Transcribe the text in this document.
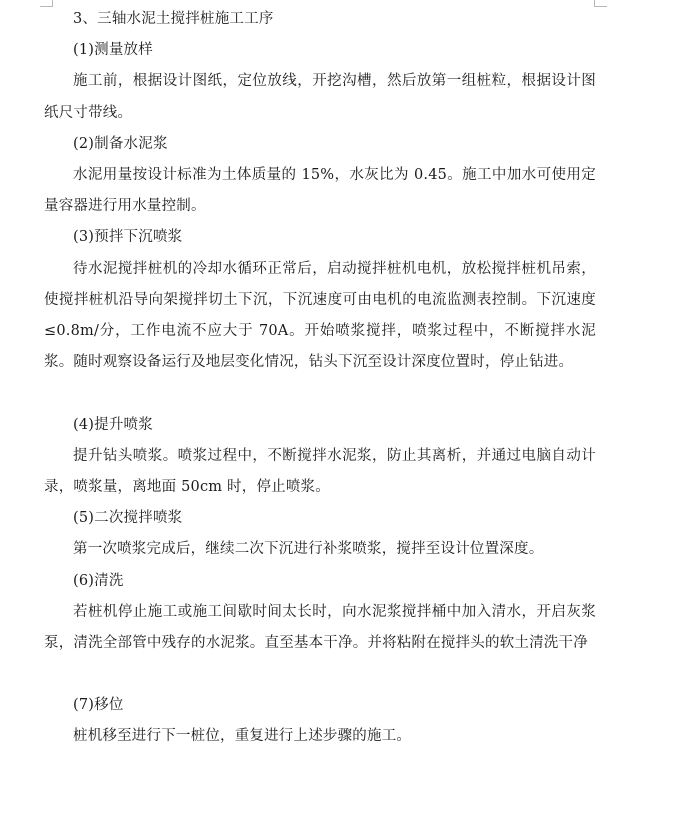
3、三轴水泥土搅拌桩施工工序
(1)测量放样
施工前，根据设计图纸，定位放线，开挖沟槽，然后放第一组桩粒，根据设计图纸尺寸带线。
(2)制备水泥浆
水泥用量按设计标准为土体质量的 15%，水灰比为 0.45。施工中加水可使用定量容器进行用水量控制。
(3)预拌下沉喷浆
待水泥搅拌桩机的冷却水循环正常后，启动搅拌桩机电机，放松搅拌桩机吊索，使搅拌桩机沿导向架搅拌切土下沉，下沉速度可由电机的电流监测表控制。下沉速度≤0.8m/分，工作电流不应大于 70A。开始喷浆搅拌，喷浆过程中，不断搅拌水泥浆。随时观察设备运行及地层变化情况，钻头下沉至设计深度位置时，停止钻进。
(4)提升喷浆
提升钻头喷浆。喷浆过程中，不断搅拌水泥浆，防止其离析，并通过电脑自动计录，喷浆量，离地面 50cm 时，停止喷浆。
(5)二次搅拌喷浆
第一次喷浆完成后，继续二次下沉进行补浆喷浆，搅拌至设计位置深度。
(6)清洗
若桩机停止施工或施工间歇时间太长时，向水泥浆搅拌桶中加入清水，开启灰浆泵，清洗全部管中残存的水泥浆。直至基本干净。并将粘附在搅拌头的软土清洗干净
(7)移位
桩机移至进行下一桩位，重复进行上述步骤的施工。
